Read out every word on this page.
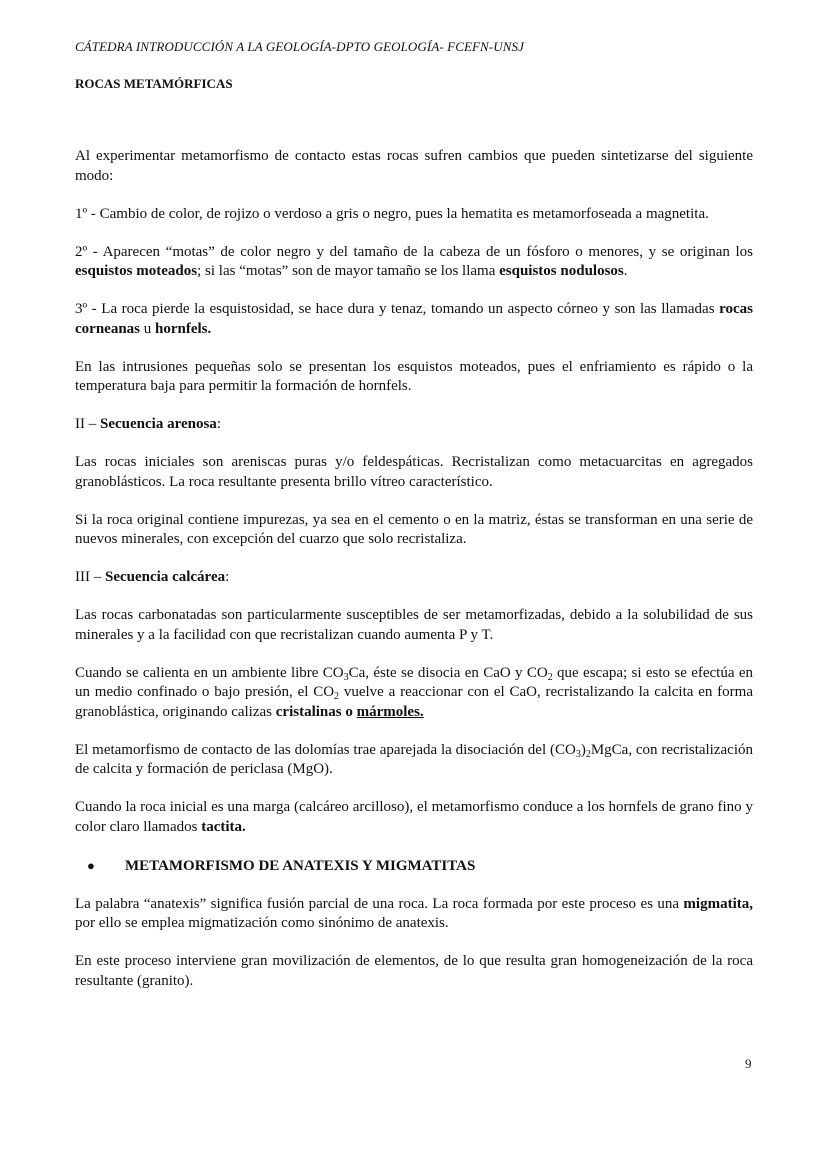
CÁTEDRA INTRODUCCIÓN A LA GEOLOGÍA-DPTO GEOLOGÍA- FCEFN-UNSJ
ROCAS METAMÓRFICAS

Al experimentar metamorfismo de contacto estas rocas sufren cambios que pueden sintetizarse del siguiente modo:

1º - Cambio de color, de rojizo o verdoso a gris o negro, pues la hematita es metamorfoseada a magnetita.

2º - Aparecen “motas” de color negro y del tamaño de la cabeza de un fósforo o menores, y se originan los esquistos moteados; si las “motas” son de mayor tamaño se los llama esquistos nodulosos.

3º - La roca pierde la esquistosidad, se hace dura y tenaz, tomando un aspecto córneo y son las llamadas rocas corneanas u hornfels.

En las intrusiones pequeñas solo se presentan los esquistos moteados, pues el enfriamiento es rápido o la temperatura baja para permitir la formación de hornfels.

II – Secuencia arenosa:

Las rocas iniciales son areniscas puras y/o feldespáticas. Recristalizan como metacuarcitas en agregados granoblásticos. La roca resultante presenta brillo vítreo característico.

Si la roca original contiene impurezas, ya sea en el cemento o en la matriz, éstas se transforman en una serie de nuevos minerales, con excepción del cuarzo que solo recristaliza.

III – Secuencia calcárea:

Las rocas carbonatadas son particularmente susceptibles de ser metamorfizadas, debido a la solubilidad de sus minerales y a la facilidad con que recristalizan cuando aumenta P y T.

Cuando se calienta en un ambiente libre $CO_3Ca$, éste se disocia en CaO y $CO_2$ que escapa; si esto se efectúa en un medio confinado o bajo presión, el $CO_2$ vuelve a reaccionar con el CaO, recristalizando la calcita en forma granoblástica, originando calizas cristalinas o mármoles.

El metamorfismo de contacto de las dolomías trae aparejada la disociación del $(CO_3)_2MgCa$, con recristalización de calcita y formación de periclasa (MgO).

Cuando la roca inicial es una marga (calcáreo arcilloso), el metamorfismo conduce a los hornfels de grano fino y color claro llamados tactita.

●	METAMORFISMO DE ANATEXIS Y MIGMATITAS

La palabra “anatexis” significa fusión parcial de una roca. La roca formada por este proceso es una migmatita, por ello se emplea migmatización como sinónimo de anatexis.

En este proceso interviene gran movilización de elementos, de lo que resulta gran homogeneización de la roca resultante (granito).

9
